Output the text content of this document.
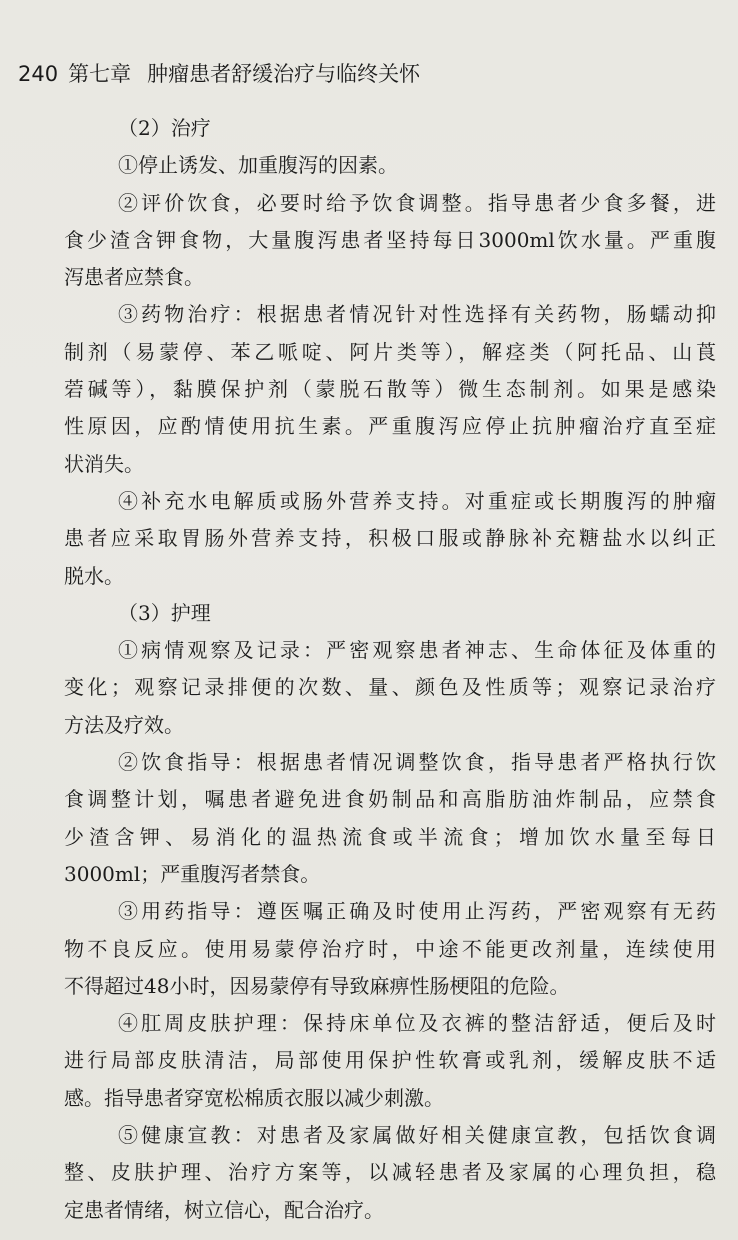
240 第七章 肿瘤患者舒缓治疗与临终关怀
（2）治疗
①停止诱发、加重腹泻的因素。
②评价饮食，必要时给予饮食调整。指导患者少食多餐，进
食少渣含钾食物，大量腹泻患者坚持每日3000ml饮水量。严重腹
泻患者应禁食。
③药物治疗：根据患者情况针对性选择有关药物，肠蠕动抑
制剂（易蒙停、苯乙哌啶、阿片类等），解痉类（阿托品、山莨
菪碱等），黏膜保护剂（蒙脱石散等）微生态制剂。如果是感染
性原因，应酌情使用抗生素。严重腹泻应停止抗肿瘤治疗直至症
状消失。
④补充水电解质或肠外营养支持。对重症或长期腹泻的肿瘤
患者应采取胃肠外营养支持，积极口服或静脉补充糖盐水以纠正
脱水。
（3）护理
①病情观察及记录：严密观察患者神志、生命体征及体重的
变化；观察记录排便的次数、量、颜色及性质等；观察记录治疗
方法及疗效。
②饮食指导：根据患者情况调整饮食，指导患者严格执行饮
食调整计划，嘱患者避免进食奶制品和高脂肪油炸制品，应禁食
少渣含钾、易消化的温热流食或半流食；增加饮水量至每日
3000ml；严重腹泻者禁食。
③用药指导：遵医嘱正确及时使用止泻药，严密观察有无药
物不良反应。使用易蒙停治疗时，中途不能更改剂量，连续使用
不得超过48小时，因易蒙停有导致麻痹性肠梗阻的危险。
④肛周皮肤护理：保持床单位及衣裤的整洁舒适，便后及时
进行局部皮肤清洁，局部使用保护性软膏或乳剂，缓解皮肤不适
感。指导患者穿宽松棉质衣服以减少刺激。
⑤健康宣教：对患者及家属做好相关健康宣教，包括饮食调
整、皮肤护理、治疗方案等，以减轻患者及家属的心理负担，稳
定患者情绪，树立信心，配合治疗。
